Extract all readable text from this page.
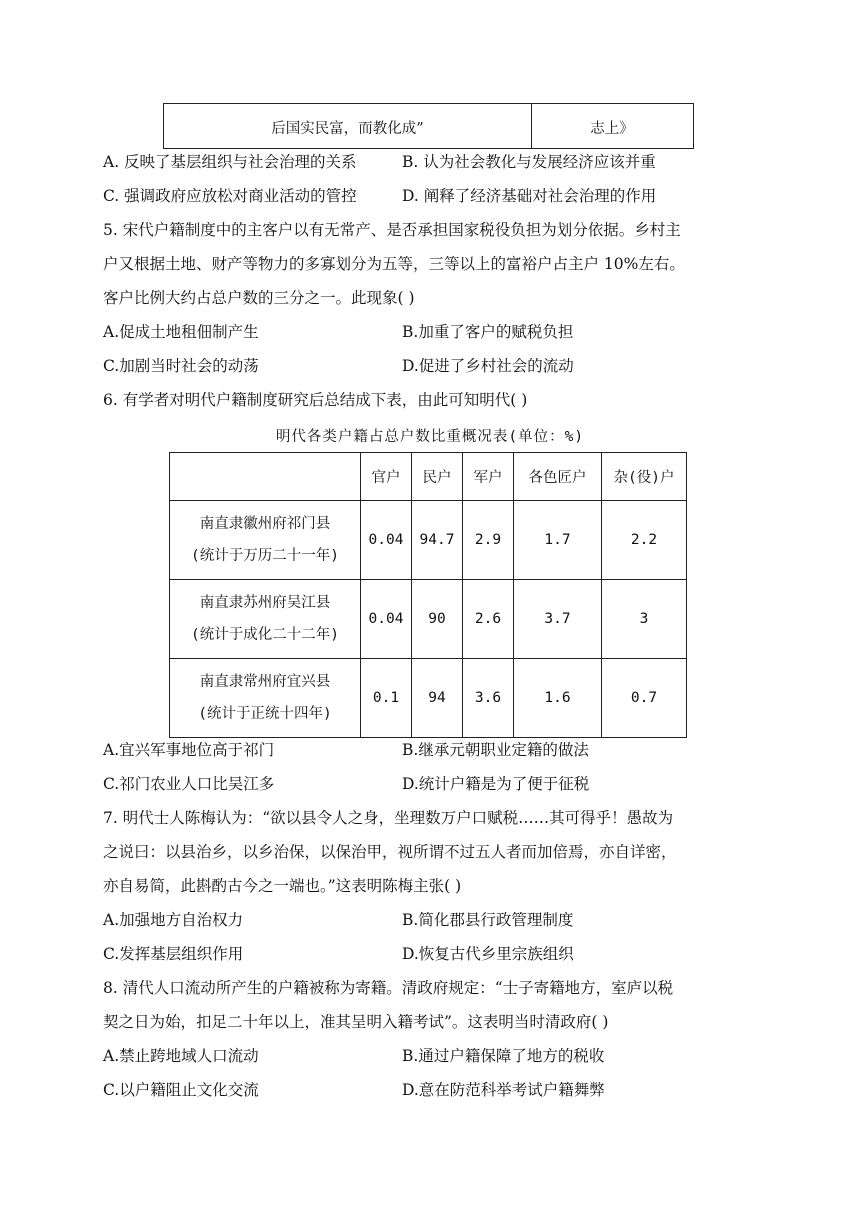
后国实民富，而教化成”	志上》
A. 反映了基层组织与社会治理的关系	B. 认为社会教化与发展经济应该并重
C. 强调政府应放松对商业活动的管控	D. 阐释了经济基础对社会治理的作用
5. 宋代户籍制度中的主客户以有无常产、是否承担国家税役负担为划分依据。乡村主
户又根据土地、财产等物力的多寡划分为五等，三等以上的富裕户占主户 10%左右。
客户比例大约占总户数的三分之一。此现象( )
A.促成土地租佃制产生	B.加重了客户的赋税负担
C.加剧当时社会的动荡	D.促进了乡村社会的流动
6. 有学者对明代户籍制度研究后总结成下表，由此可知明代( )
明代各类户籍占总户数比重概况表(单位：%)
	官户	民户	军户	各色匠户	杂(役)户

南直隶徽州府祁门县
(统计于万历二十一年)	0.04	94.7	2.9	1.7	2.2

南直隶苏州府吴江县
(统计于成化二十二年)	0.04	90	2.6	3.7	3

南直隶常州府宜兴县
(统计于正统十四年)	0.1	94	3.6	1.6	0.7
A.宜兴军事地位高于祁门	B.继承元朝职业定籍的做法
C.祁门农业人口比吴江多	D.统计户籍是为了便于征税
7. 明代士人陈梅认为：“欲以县令人之身，坐理数万户口赋税……其可得乎！愚故为
之说曰：以县治乡，以乡治保，以保治甲，视所谓不过五人者而加倍焉，亦自详密，
亦自易简，此斟酌古今之一端也。”这表明陈梅主张( )
A.加强地方自治权力	B.简化郡县行政管理制度
C.发挥基层组织作用	D.恢复古代乡里宗族组织
8. 清代人口流动所产生的户籍被称为寄籍。清政府规定：“士子寄籍地方，室庐以税
契之日为始，扣足二十年以上，准其呈明入籍考试”。这表明当时清政府( )
A.禁止跨地域人口流动	B.通过户籍保障了地方的税收
C.以户籍阻止文化交流	D.意在防范科举考试户籍舞弊
